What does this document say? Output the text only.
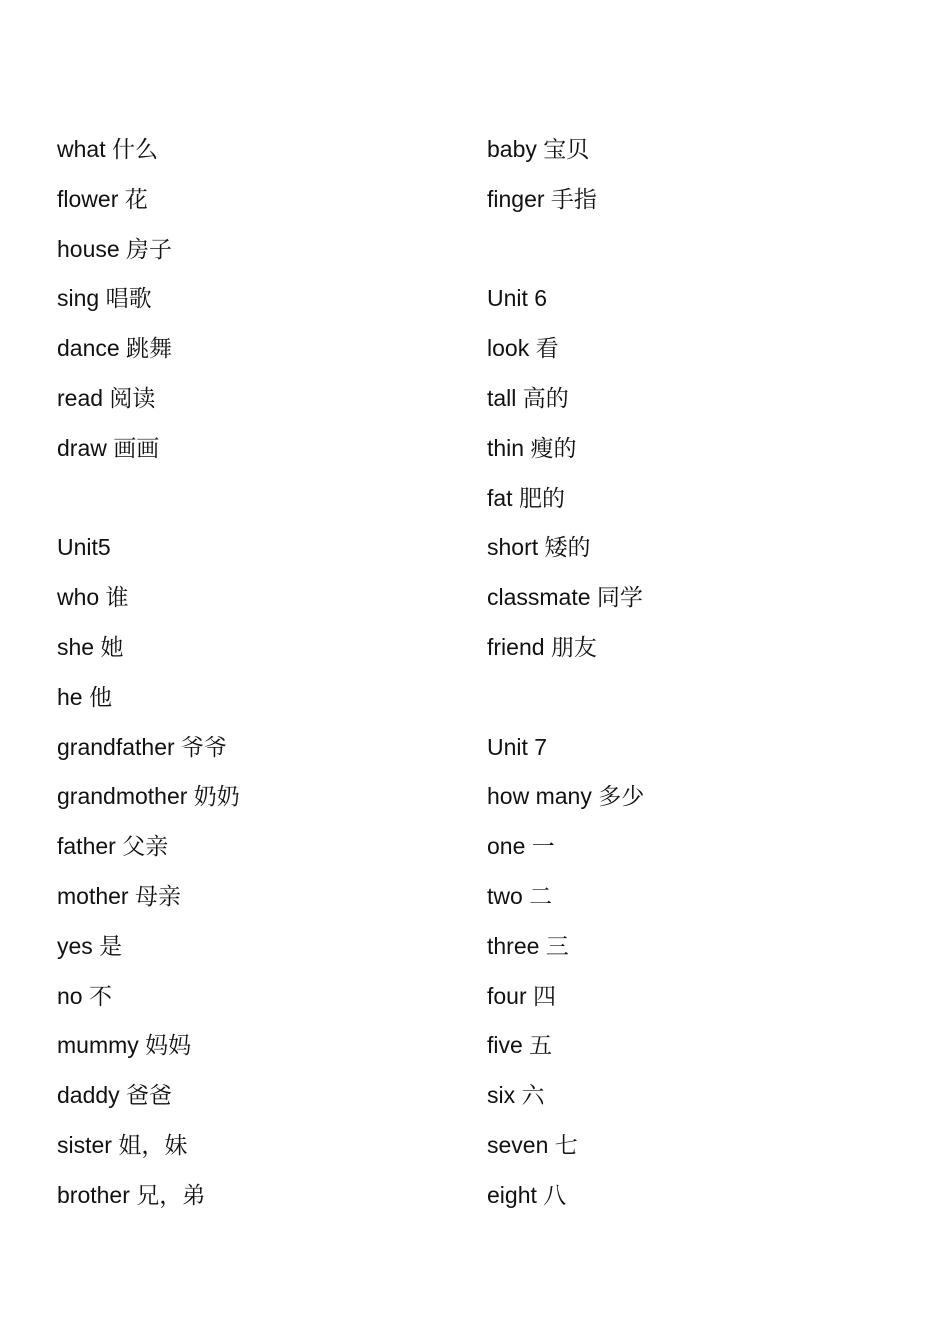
what 什么
flower 花
house 房子
sing 唱歌
dance 跳舞
read 阅读
draw 画画
Unit5
who 谁
she 她
he 他
grandfather 爷爷
grandmother 奶奶
father 父亲
mother 母亲
yes 是
no 不
mummy 妈妈
daddy 爸爸
sister 姐，妹
brother 兄，弟
baby 宝贝
finger 手指
Unit 6
look 看
tall 高的
thin 瘦的
fat 肥的
short 矮的
classmate 同学
friend 朋友
Unit 7
how many 多少
one 一
two 二
three 三
four 四
five 五
six 六
seven 七
eight 八
